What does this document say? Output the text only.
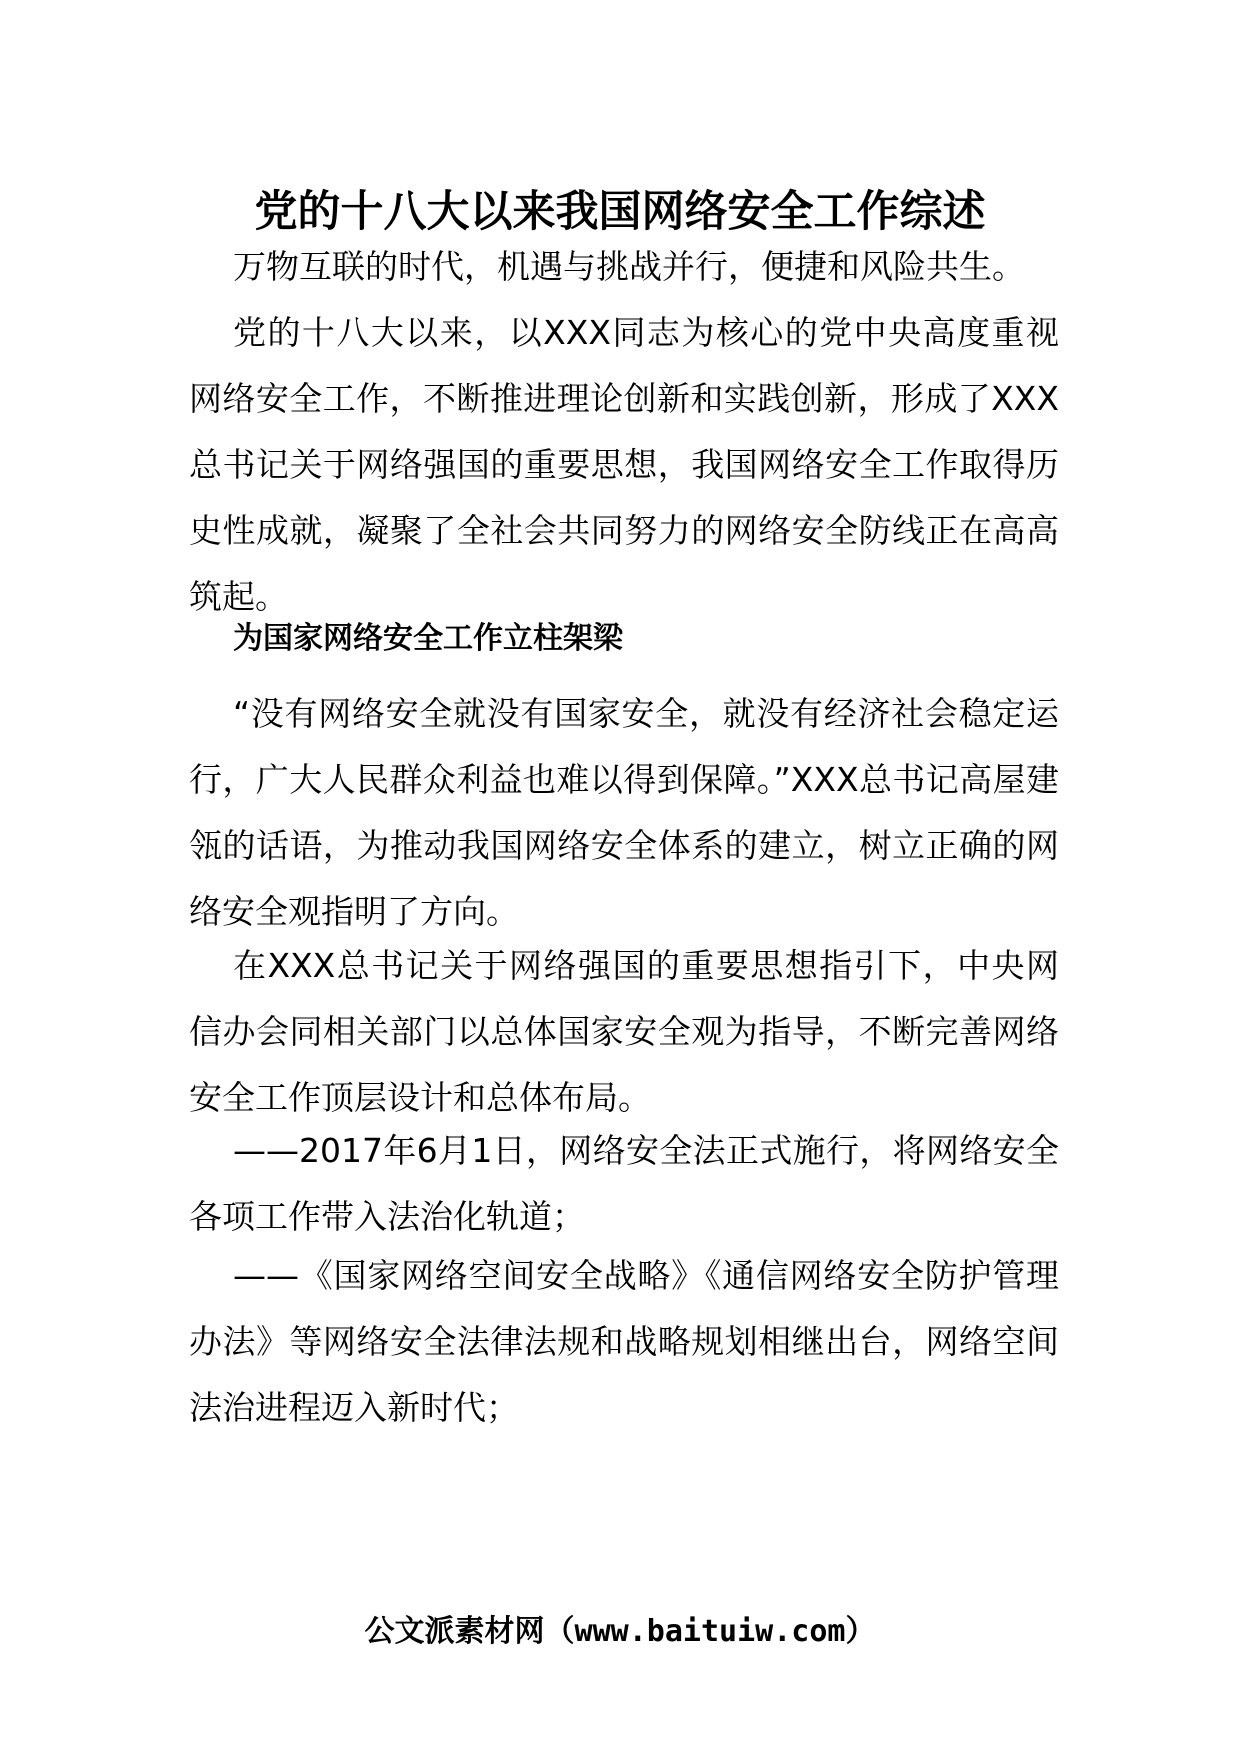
党的十八大以来我国网络安全工作综述

万物互联的时代，机遇与挑战并行，便捷和风险共生。

党的十八大以来，以XXX同志为核心的党中央高度重视网络安全工作，不断推进理论创新和实践创新，形成了XXX总书记关于网络强国的重要思想，我国网络安全工作取得历史性成就，凝聚了全社会共同努力的网络安全防线正在高高筑起。

为国家网络安全工作立柱架梁

“没有网络安全就没有国家安全，就没有经济社会稳定运行，广大人民群众利益也难以得到保障。”XXX总书记高屋建瓴的话语，为推动我国网络安全体系的建立，树立正确的网络安全观指明了方向。

在XXX总书记关于网络强国的重要思想指引下，中央网信办会同相关部门以总体国家安全观为指导，不断完善网络安全工作顶层设计和总体布局。

——2017年6月1日，网络安全法正式施行，将网络安全各项工作带入法治化轨道；

——《国家网络空间安全战略》《通信网络安全防护管理办法》等网络安全法律法规和战略规划相继出台，网络空间法治进程迈入新时代；

公文派素材网（www.baituiw.com）
